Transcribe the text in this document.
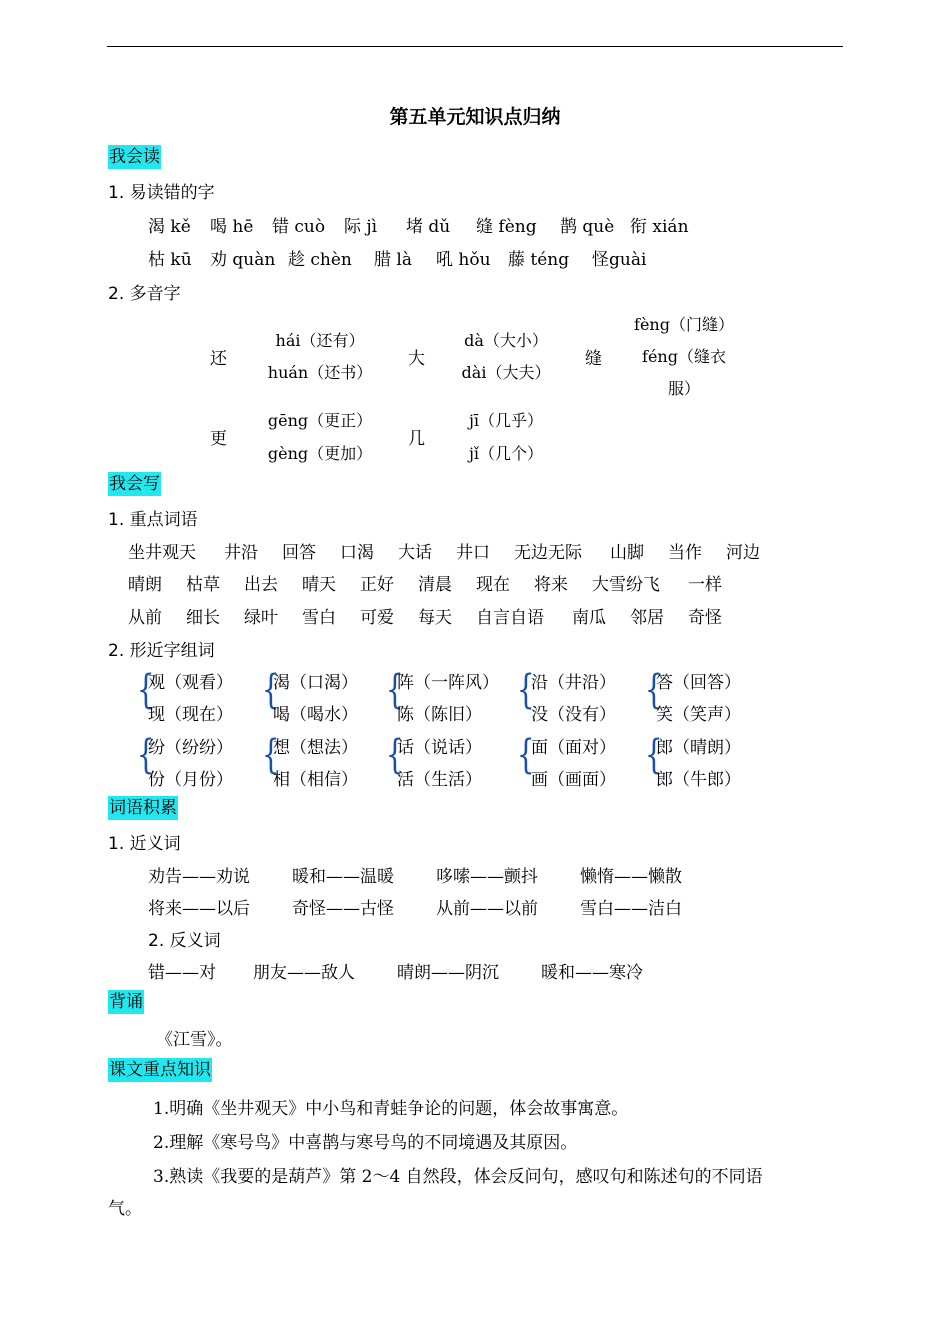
第五单元知识点归纳
我会读
1. 易读错的字
渴 kě 喝 hē 错 cuò 际 jì 堵 dǔ 缝 fèng 鹊 què 衔 xián
枯 kū 劝 quàn 趁 chèn 腊 là 吼 hǒu 藤 téng 怪guài
2. 多音字
还
hái（还有）
huán（还书）
大
dà（大小）
dài（大夫）
缝
fèng（门缝）
féng（缝衣
服）
更
gēng（更正）
gèng（更加）
几
jī（几乎）
jǐ（几个）
我会写
1. 重点词语
坐井观天 井沿 回答 口渴 大话 井口 无边无际 山脚 当作 河边
晴朗 枯草 出去 晴天 正好 清晨 现在 将来 大雪纷飞 一样
从前 细长 绿叶 雪白 可爱 每天 自言自语 南瓜 邻居 奇怪
2. 形近字组词
{
观（观看）
现（现在）
{
渴（口渴）
喝（喝水）
{
阵（一阵风）
陈（陈旧）
{
沿（井沿）
没（没有）
{
答（回答）
笑（笑声）
{
纷（纷纷）
份（月份）
{
想（想法）
相（相信）
{
话（说话）
活（生活）
{
面（面对）
画（画面）
{
郎（晴朗）
郎（牛郎）
词语积累
1. 近义词
劝告——劝说 暖和——温暖 哆嗦——颤抖 懒惰——懒散
将来——以后 奇怪——古怪 从前——以前 雪白——洁白
2. 反义词
错——对 朋友——敌人 晴朗——阴沉 暖和——寒冷
背诵
《江雪》。
课文重点知识
1.明确《坐井观天》中小鸟和青蛙争论的问题，体会故事寓意。
2.理解《寒号鸟》中喜鹊与寒号鸟的不同境遇及其原因。
3.熟读《我要的是葫芦》第 2～4 自然段，体会反问句，感叹句和陈述句的不同语
气。
